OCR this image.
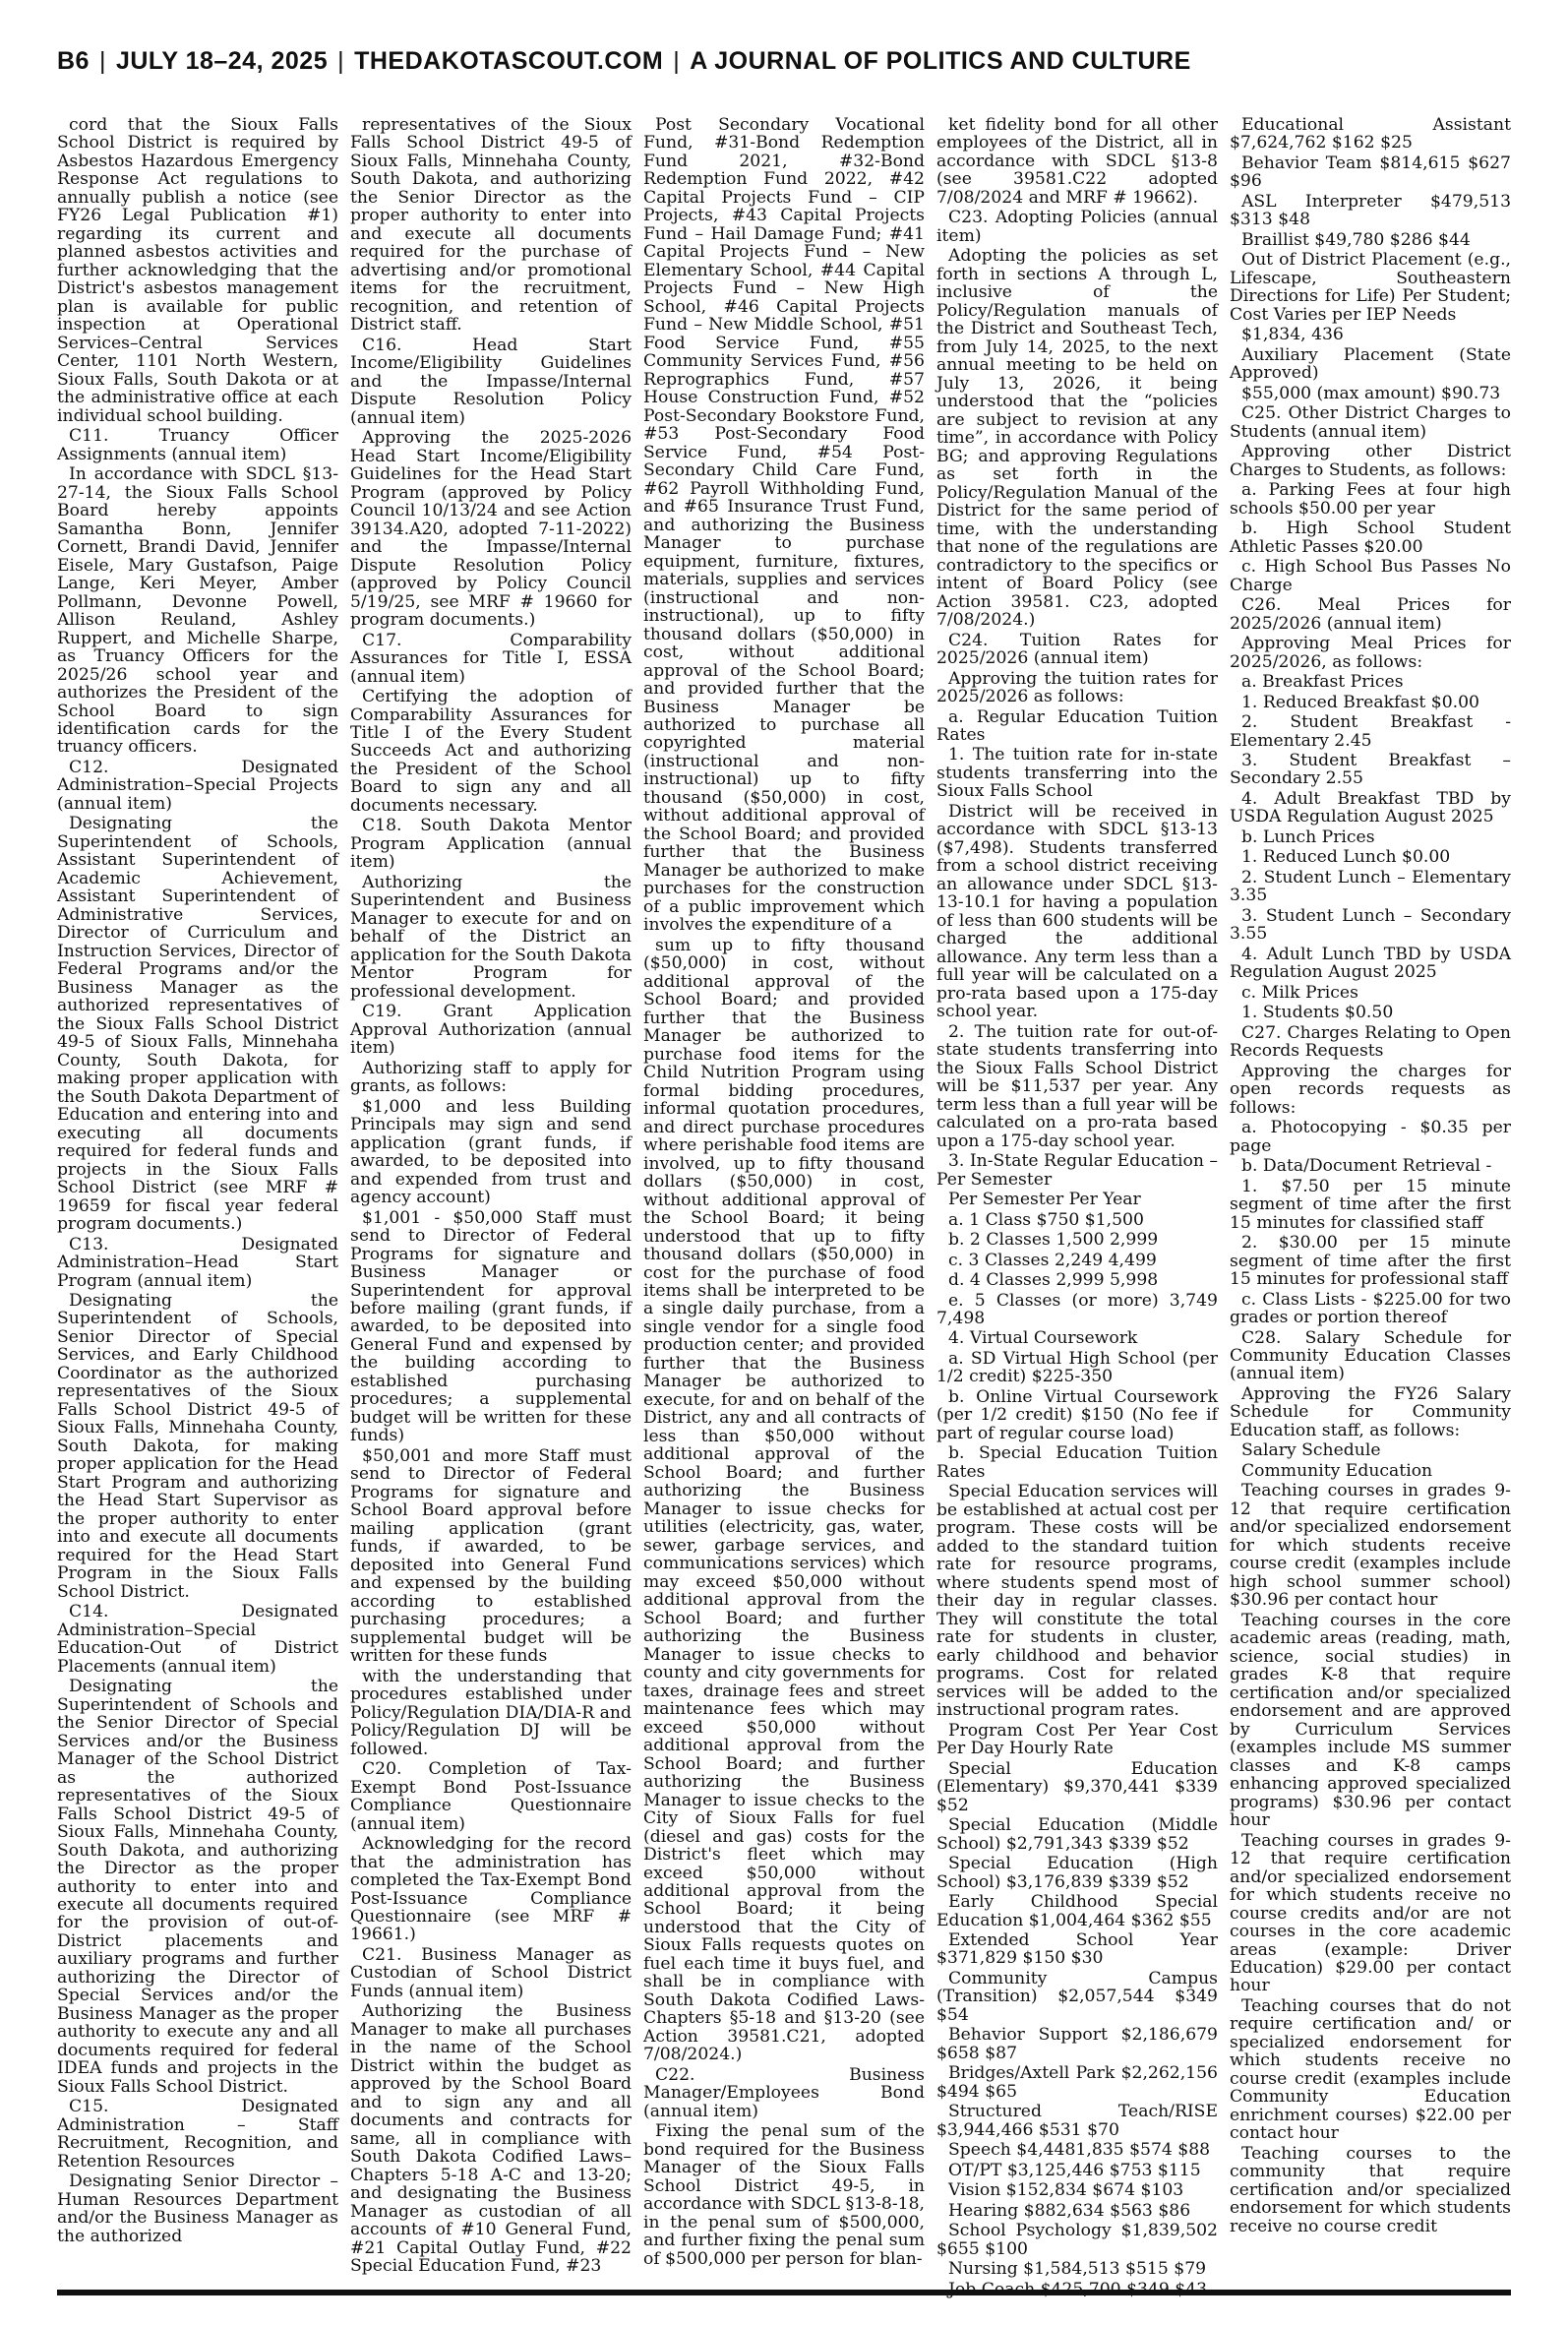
B6 | JULY 18–24, 2025 | THEDAKOTASCOUT.COM | A JOURNAL OF POLITICS AND CULTURE

cord that the Sioux Falls School District is required by Asbestos Hazardous Emergency Response Act regulations to annually publish a notice (see FY26 Legal Publication #1) regarding its current and planned asbestos activities and further acknowledging that the District's asbestos management plan is available for public inspection at Operational Services–Central Services Center, 1101 North Western, Sioux Falls, South Dakota or at the administrative office at each individual school building.

C11. Truancy Officer Assignments (annual item)

In accordance with SDCL §13-27-14, the Sioux Falls School Board hereby appoints Samantha Bonn, Jennifer Cornett, Brandi David, Jennifer Eisele, Mary Gustafson, Paige Lange, Keri Meyer, Amber Pollmann, Devonne Powell, Allison Reuland, Ashley Ruppert, and Michelle Sharpe, as Truancy Officers for the 2025/26 school year and authorizes the President of the School Board to sign identification cards for the truancy officers.

C12. Designated Administration–Special Projects (annual item)

Designating the Superintendent of Schools, Assistant Superintendent of Academic Achievement, Assistant Superintendent of Administrative Services, Director of Curriculum and Instruction Services, Director of Federal Programs and/or the Business Manager as the authorized representatives of the Sioux Falls School District 49-5 of Sioux Falls, Minnehaha County, South Dakota, for making proper application with the South Dakota Department of Education and entering into and executing all documents required for federal funds and projects in the Sioux Falls School District (see MRF # 19659 for fiscal year federal program documents.)

C13. Designated Administration–Head Start Program (annual item)

Designating the Superintendent of Schools, Senior Director of Special Services, and Early Childhood Coordinator as the authorized representatives of the Sioux Falls School District 49-5 of Sioux Falls, Minnehaha County, South Dakota, for making proper application for the Head Start Program and authorizing the Head Start Supervisor as the proper authority to enter into and execute all documents required for the Head Start Program in the Sioux Falls School District.

C14. Designated Administration–Special Education-Out of District Placements (annual item)

Designating the Superintendent of Schools and the Senior Director of Special Services and/or the Business Manager of the School District as the authorized representatives of the Sioux Falls School District 49-5 of Sioux Falls, Minnehaha County, South Dakota, and authorizing the Director as the proper authority to enter into and execute all documents required for the provision of out-of-District placements and auxiliary programs and further authorizing the Director of Special Services and/or the Business Manager as the proper authority to execute any and all documents required for federal IDEA funds and projects in the Sioux Falls School District.

C15. Designated Administration – Staff Recruitment, Recognition, and Retention Resources

Designating Senior Director – Human Resources Department and/or the Business Manager as the authorized

representatives of the Sioux Falls School District 49-5 of Sioux Falls, Minnehaha County, South Dakota, and authorizing the Senior Director as the proper authority to enter into and execute all documents required for the purchase of advertising and/or promotional items for the recruitment, recognition, and retention of District staff.

C16. Head Start Income/Eligibility Guidelines and the Impasse/Internal Dispute Resolution Policy (annual item)

Approving the 2025-2026 Head Start Income/Eligibility Guidelines for the Head Start Program (approved by Policy Council 10/13/24 and see Action 39134.A20, adopted 7-11-2022) and the Impasse/Internal Dispute Resolution Policy (approved by Policy Council 5/19/25, see MRF # 19660 for program documents.)

C17. Comparability Assurances for Title I, ESSA (annual item)

Certifying the adoption of Comparability Assurances for Title I of the Every Student Succeeds Act and authorizing the President of the School Board to sign any and all documents necessary.

C18. South Dakota Mentor Program Application (annual item)

Authorizing the Superintendent and Business Manager to execute for and on behalf of the District an application for the South Dakota Mentor Program for professional development.

C19. Grant Application Approval Authorization (annual item)

Authorizing staff to apply for grants, as follows:

$1,000 and less Building Principals may sign and send application (grant funds, if awarded, to be deposited into and expended from trust and agency account)

$1,001 - $50,000 Staff must send to Director of Federal Programs for signature and Business Manager or Superintendent for approval before mailing (grant funds, if awarded, to be deposited into General Fund and expensed by the building according to established purchasing procedures; a supplemental budget will be written for these funds)

$50,001 and more Staff must send to Director of Federal Programs for signature and School Board approval before mailing application (grant funds, if awarded, to be deposited into General Fund and expensed by the building according to established purchasing procedures; a supplemental budget will be written for these funds

with the understanding that procedures established under Policy/Regulation DIA/DIA-R and Policy/Regulation DJ will be followed.

C20. Completion of Tax-Exempt Bond Post-Issuance Compliance Questionnaire (annual item)

Acknowledging for the record that the administration has completed the Tax-Exempt Bond Post-Issuance Compliance Questionnaire (see MRF # 19661.)

C21. Business Manager as Custodian of School District Funds (annual item)

Authorizing the Business Manager to make all purchases in the name of the School District within the budget as approved by the School Board and to sign any and all documents and contracts for same, all in compliance with South Dakota Codified Laws–Chapters 5-18 A-C and 13-20; and designating the Business Manager as custodian of all accounts of #10 General Fund, #21 Capital Outlay Fund, #22 Special Education Fund, #23

Post Secondary Vocational Fund, #31-Bond Redemption Fund 2021, #32-Bond Redemption Fund 2022, #42 Capital Projects Fund – CIP Projects, #43 Capital Projects Fund – Hail Damage Fund; #41 Capital Projects Fund – New Elementary School, #44 Capital Projects Fund – New High School, #46 Capital Projects Fund – New Middle School, #51 Food Service Fund, #55 Community Services Fund, #56 Reprographics Fund, #57 House Construction Fund, #52 Post-Secondary Bookstore Fund, #53 Post-Secondary Food Service Fund, #54 Post-Secondary Child Care Fund, #62 Payroll Withholding Fund, and #65 Insurance Trust Fund, and authorizing the Business Manager to purchase equipment, furniture, fixtures, materials, supplies and services (instructional and non-instructional), up to fifty thousand dollars ($50,000) in cost, without additional approval of the School Board; and provided further that the Business Manager be authorized to purchase all copyrighted material (instructional and non-instructional) up to fifty thousand ($50,000) in cost, without additional approval of the School Board; and provided further that the Business Manager be authorized to make purchases for the construction of a public improvement which involves the expenditure of a

sum up to fifty thousand ($50,000) in cost, without additional approval of the School Board; and provided further that the Business Manager be authorized to purchase food items for the Child Nutrition Program using formal bidding procedures, informal quotation procedures, and direct purchase procedures where perishable food items are involved, up to fifty thousand dollars ($50,000) in cost, without additional approval of the School Board; it being understood that up to fifty thousand dollars ($50,000) in cost for the purchase of food items shall be interpreted to be a single daily purchase, from a single vendor for a single food production center; and provided further that the Business Manager be authorized to execute, for and on behalf of the District, any and all contracts of less than $50,000 without additional approval of the School Board; and further authorizing the Business Manager to issue checks for utilities (electricity, gas, water, sewer, garbage services, and communications services) which may exceed $50,000 without additional approval from the School Board; and further authorizing the Business Manager to issue checks to county and city governments for taxes, drainage fees and street maintenance fees which may exceed $50,000 without additional approval from the School Board; and further authorizing the Business Manager to issue checks to the City of Sioux Falls for fuel (diesel and gas) costs for the District's fleet which may exceed $50,000 without additional approval from the School Board; it being understood that the City of Sioux Falls requests quotes on fuel each time it buys fuel, and shall be in compliance with South Dakota Codified Laws-Chapters §5-18 and §13-20 (see Action 39581.C21, adopted 7/08/2024.)

C22. Business Manager/Employees Bond (annual item)

Fixing the penal sum of the bond required for the Business Manager of the Sioux Falls School District 49-5, in accordance with SDCL §13-8-18, in the penal sum of $500,000, and further fixing the penal sum of $500,000 per person for blan-

ket fidelity bond for all other employees of the District, all in accordance with SDCL §13-8 (see 39581.C22 adopted 7/08/2024 and MRF # 19662).

C23. Adopting Policies (annual item)

Adopting the policies as set forth in sections A through L, inclusive of the Policy/Regulation manuals of the District and Southeast Tech, from July 14, 2025, to the next annual meeting to be held on July 13, 2026, it being understood that the “policies are subject to revision at any time”, in accordance with Policy BG; and approving Regulations as set forth in the Policy/Regulation Manual of the District for the same period of time, with the understanding that none of the regulations are contradictory to the specifics or intent of Board Policy (see Action 39581. C23, adopted 7/08/2024.)

C24. Tuition Rates for 2025/2026 (annual item)

Approving the tuition rates for 2025/2026 as follows:

a. Regular Education Tuition Rates

1. The tuition rate for in-state students transferring into the Sioux Falls School

District will be received in accordance with SDCL §13-13 ($7,498). Students transferred from a school district receiving an allowance under SDCL §13-13-10.1 for having a population of less than 600 students will be charged the additional allowance. Any term less than a full year will be calculated on a pro-rata based upon a 175-day school year.

2. The tuition rate for out-of-state students transferring into the Sioux Falls School District will be $11,537 per year. Any term less than a full year will be calculated on a pro-rata based upon a 175-day school year.

3. In-State Regular Education – Per Semester

Per Semester Per Year

a. 1 Class $750 $1,500

b. 2 Classes 1,500 2,999

c. 3 Classes 2,249 4,499

d. 4 Classes 2,999 5,998

e. 5 Classes (or more) 3,749 7,498

4. Virtual Coursework

a. SD Virtual High School (per 1/2 credit) $225-350

b. Online Virtual Coursework (per 1/2 credit) $150 (No fee if part of regular course load)

b. Special Education Tuition Rates

Special Education services will be established at actual cost per program. These costs will be added to the standard tuition rate for resource programs, where students spend most of their day in regular classes. They will constitute the total rate for students in cluster, early childhood and behavior programs. Cost for related services will be added to the instructional program rates.

Program Cost Per Year Cost Per Day Hourly Rate

Special Education (Elementary) $9,370,441 $339 $52

Special Education (Middle School) $2,791,343 $339 $52

Special Education (High School) $3,176,839 $339 $52

Early Childhood Special Education $1,004,464 $362 $55

Extended School Year $371,829 $150 $30

Community Campus (Transition) $2,057,544 $349 $54

Behavior Support $2,186,679 $658 $87

Bridges/Axtell Park $2,262,156 $494 $65

Structured Teach/RISE $3,944,466 $531 $70

Speech $4,4481,835 $574 $88

OT/PT $3,125,446 $753 $115

Vision $152,834 $674 $103

Hearing $882,634 $563 $86

School Psychology $1,839,502 $655 $100

Nursing $1,584,513 $515 $79

Educational Assistant $7,624,762 $162 $25

Behavior Team $814,615 $627 $96

ASL Interpreter $479,513 $313 $48

Braillist $49,780 $286 $44

Out of District Placement (e.g., Lifescape, Southeastern Directions for Life) Per Student; Cost Varies per IEP Needs

$1,834, 436

Auxiliary Placement (State Approved)

$55,000 (max amount) $90.73

C25. Other District Charges to Students (annual item)

Approving other District Charges to Students, as follows:

a. Parking Fees at four high schools $50.00 per year

b. High School Student Athletic Passes $20.00

c. High School Bus Passes No Charge

C26. Meal Prices for 2025/2026 (annual item)

Approving Meal Prices for 2025/2026, as follows:

a. Breakfast Prices

1. Reduced Breakfast $0.00

2. Student Breakfast - Elementary 2.45

3. Student Breakfast – Secondary 2.55

4. Adult Breakfast TBD by USDA Regulation August 2025

b. Lunch Prices

1. Reduced Lunch $0.00

2. Student Lunch – Elementary 3.35

3. Student Lunch – Secondary 3.55

4. Adult Lunch TBD by USDA Regulation August 2025

c. Milk Prices

1. Students $0.50

C27. Charges Relating to Open Records Requests

Approving the charges for open records requests as follows:

a. Photocopying - $0.35 per page

b. Data/Document Retrieval -

1. $7.50 per 15 minute segment of time after the first 15 minutes for classified staff

2. $30.00 per 15 minute segment of time after the first 15 minutes for professional staff

c. Class Lists - $225.00 for two grades or portion thereof

C28. Salary Schedule for Community Education Classes (annual item)

Approving the FY26 Salary Schedule for Community Education staff, as follows:

Salary Schedule

Community Education

Teaching courses in grades 9-12 that require certification and/or specialized endorsement for which students receive course credit (examples include high school summer school) $30.96 per contact hour

Teaching courses in the core academic areas (reading, math, science, social studies) in grades K-8 that require certification and/or specialized endorsement and are approved by Curriculum Services (examples include MS summer classes and K-8 camps enhancing approved specialized programs) $30.96 per contact hour

Teaching courses in grades 9-12 that require certification and/or specialized endorsement for which students receive no course credits and/or are not courses in the core academic areas (example: Driver Education) $29.00 per contact hour

Teaching courses that do not require certification and/ or specialized endorsement for which students receive no course credit (examples include Community Education enrichment courses) $22.00 per contact hour

Teaching courses to the community that require certification and/or specialized endorsement for which students receive no course credit
